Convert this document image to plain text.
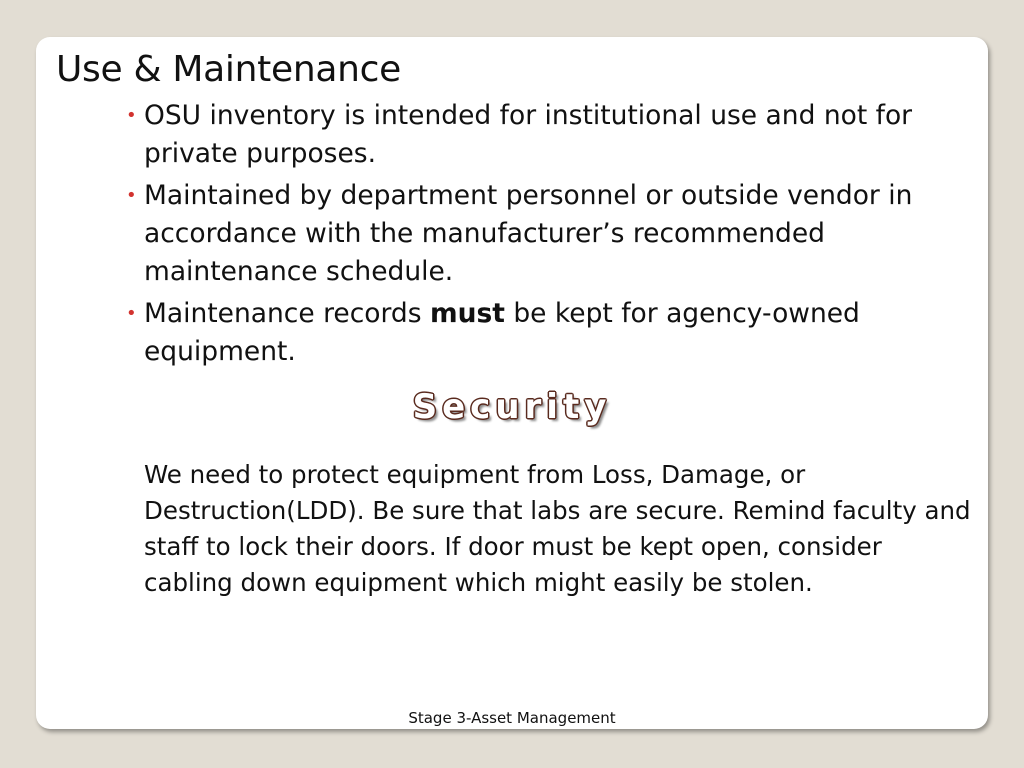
Use & Maintenance
• OSU inventory is intended for institutional use and not for private purposes.
• Maintained by department personnel or outside vendor in accordance with the manufacturer’s recommended maintenance schedule.
• Maintenance records must be kept for agency-owned equipment.
Security

We need to protect equipment from Loss, Damage, or Destruction(LDD). Be sure that labs are secure. Remind faculty and staff to lock their doors. If door must be kept open, consider cabling down equipment which might easily be stolen.

Stage 3-Asset Management
